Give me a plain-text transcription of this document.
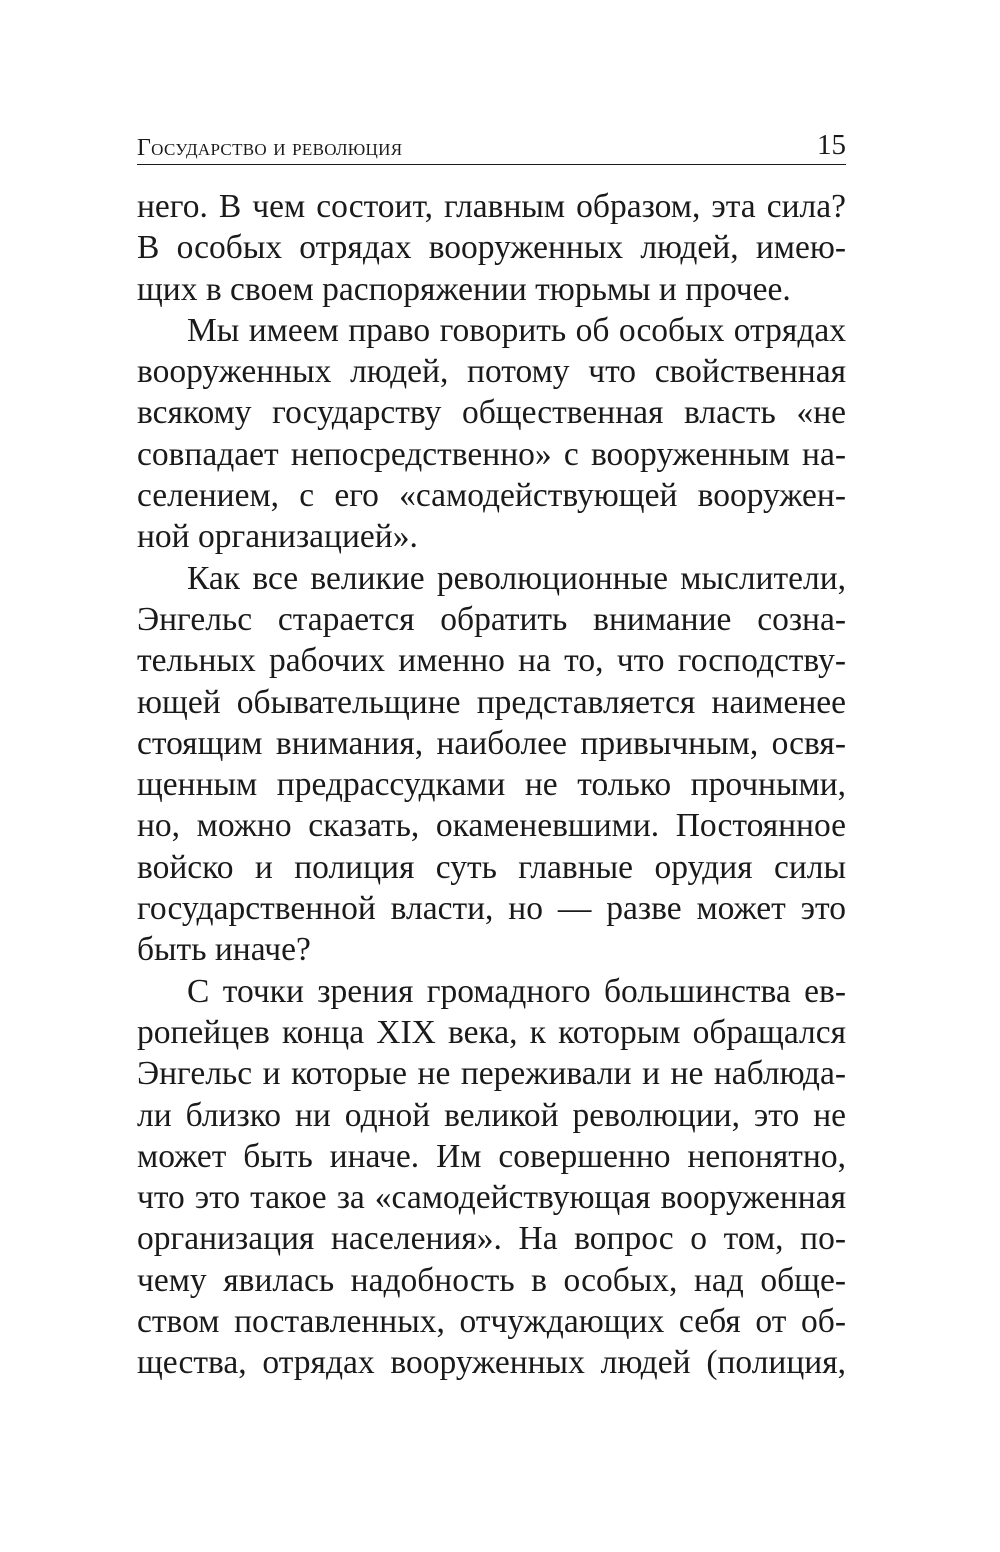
Государство и революция	15
него. В чем состоит, главным образом, эта сила?
В особых отрядах вооруженных людей, имею-
щих в своем распоряжении тюрьмы и прочее.
Мы имеем право говорить об особых отрядах
вооруженных людей, потому что свойственная
всякому государству общественная власть «не
совпадает непосредственно» с вооруженным на-
селением, с его «самодействующей вооружен-
ной организацией».
Как все великие революционные мыслители,
Энгельс старается обратить внимание созна-
тельных рабочих именно на то, что господству-
ющей обывательщине представляется наименее
стоящим внимания, наиболее привычным, освя-
щенным предрассудками не только прочными,
но, можно сказать, окаменевшими. Постоянное
войско и полиция суть главные орудия силы
государственной власти, но — разве может это
быть иначе?
С точки зрения громадного большинства ев-
ропейцев конца XIX века, к которым обращался
Энгельс и которые не переживали и не наблюда-
ли близко ни одной великой революции, это не
может быть иначе. Им совершенно непонятно,
что это такое за «самодействующая вооруженная
организация населения». На вопрос о том, по-
чему явилась надобность в особых, над обще-
ством поставленных, отчуждающих себя от об-
щества, отрядах вооруженных людей (полиция,
